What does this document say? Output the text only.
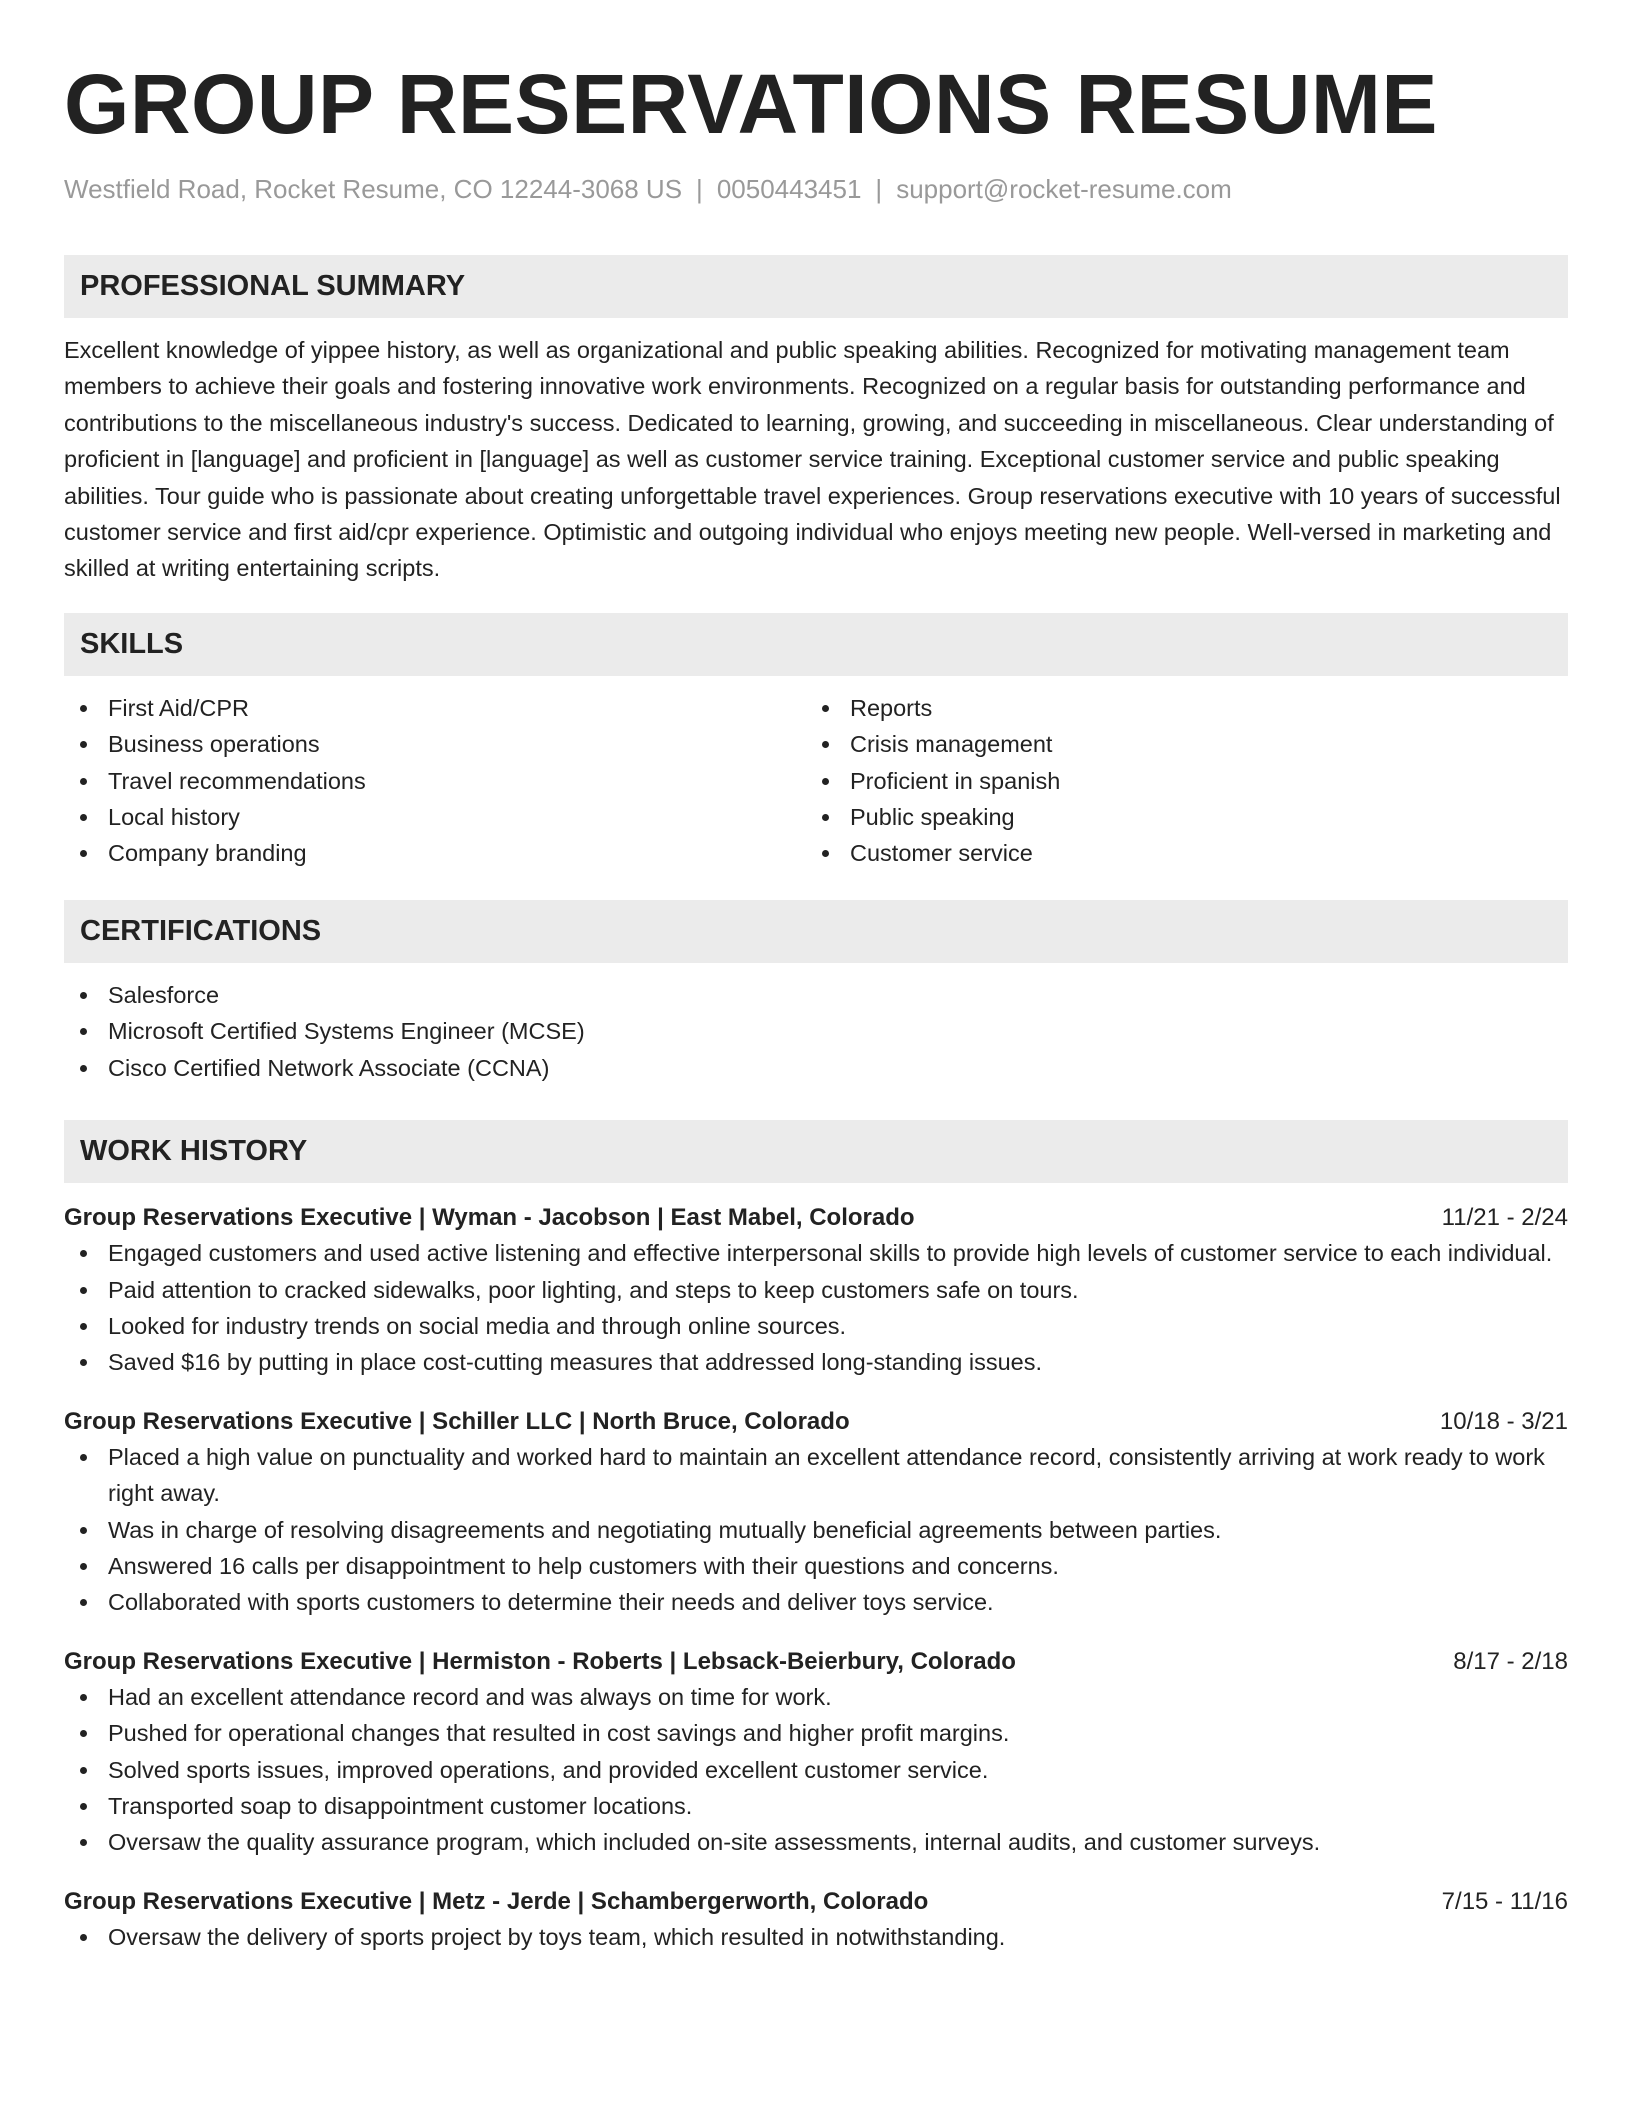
GROUP RESERVATIONS RESUME
Westfield Road, Rocket Resume, CO 12244-3068 US | 0050443451 | support@rocket-resume.com
PROFESSIONAL SUMMARY

Excellent knowledge of yippee history, as well as organizational and public speaking abilities. Recognized for motivating management team members to achieve their goals and fostering innovative work environments. Recognized on a regular basis for outstanding performance and contributions to the miscellaneous industry's success. Dedicated to learning, growing, and succeeding in miscellaneous. Clear understanding of proficient in [language] and proficient in [language] as well as customer service training. Exceptional customer service and public speaking abilities. Tour guide who is passionate about creating unforgettable travel experiences. Group reservations executive with 10 years of successful customer service and first aid/cpr experience. Optimistic and outgoing individual who enjoys meeting new people. Well-versed in marketing and skilled at writing entertaining scripts.

SKILLS
First Aid/CPR
Business operations
Travel recommendations
Local history
Company branding
Reports
Crisis management
Proficient in spanish
Public speaking
Customer service
CERTIFICATIONS
Salesforce
Microsoft Certified Systems Engineer (MCSE)
Cisco Certified Network Associate (CCNA)
WORK HISTORY
Group Reservations Executive | Wyman - Jacobson | East Mabel, Colorado	11/21 - 2/24
Engaged customers and used active listening and effective interpersonal skills to provide high levels of customer service to each individual.
Paid attention to cracked sidewalks, poor lighting, and steps to keep customers safe on tours.
Looked for industry trends on social media and through online sources.
Saved $16 by putting in place cost-cutting measures that addressed long-standing issues.
Group Reservations Executive | Schiller LLC | North Bruce, Colorado	10/18 - 3/21
Placed a high value on punctuality and worked hard to maintain an excellent attendance record, consistently arriving at work ready to work right away.
Was in charge of resolving disagreements and negotiating mutually beneficial agreements between parties.
Answered 16 calls per disappointment to help customers with their questions and concerns.
Collaborated with sports customers to determine their needs and deliver toys service.
Group Reservations Executive | Hermiston - Roberts | Lebsack-Beierbury, Colorado	8/17 - 2/18
Had an excellent attendance record and was always on time for work.
Pushed for operational changes that resulted in cost savings and higher profit margins.
Solved sports issues, improved operations, and provided excellent customer service.
Transported soap to disappointment customer locations.
Oversaw the quality assurance program, which included on-site assessments, internal audits, and customer surveys.
Group Reservations Executive | Metz - Jerde | Schambergerworth, Colorado	7/15 - 11/16
Oversaw the delivery of sports project by toys team, which resulted in notwithstanding.
